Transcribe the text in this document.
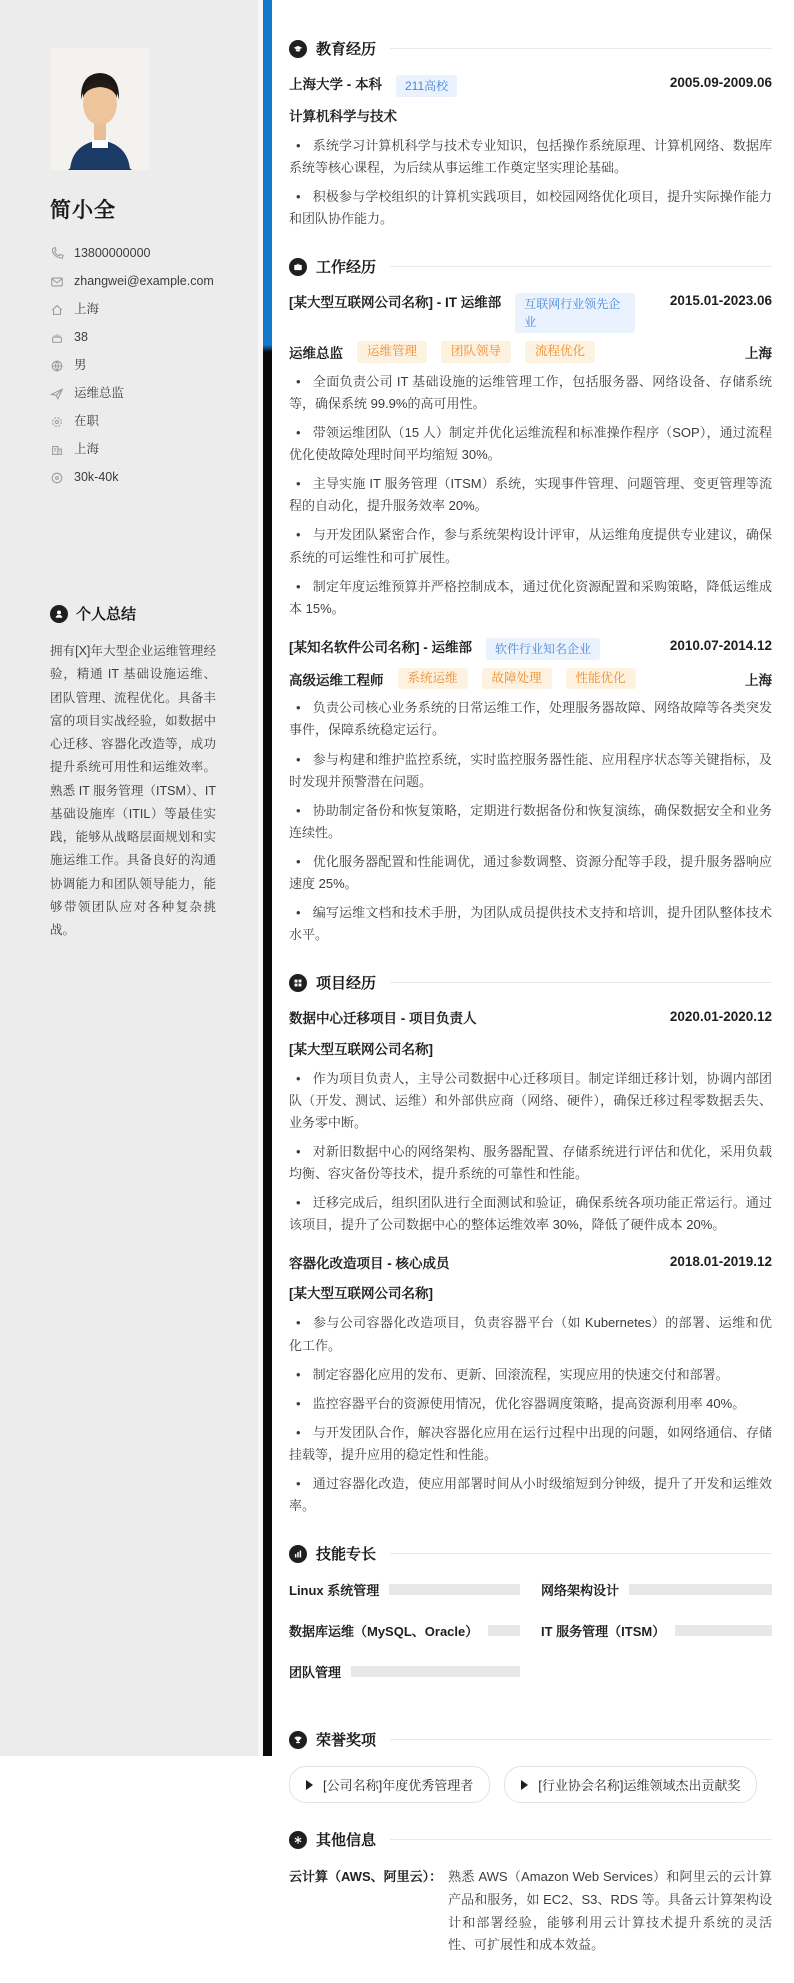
简小全
13800000000
zhangwei@example.com
上海
38
男
运维总监
在职
上海
30k-40k
个人总结

拥有[X]年大型企业运维管理经验，精通 IT 基础设施运维、团队管理、流程优化。具备丰富的项目实战经验，如数据中心迁移、容器化改造等，成功提升系统可用性和运维效率。熟悉 IT 服务管理（ITSM）、IT 基础设施库（ITIL）等最佳实践，能够从战略层面规划和实施运维工作。具备良好的沟通协调能力和团队领导能力，能够带领团队应对各种复杂挑战。

教育经历
上海大学 - 本科	211高校	2005.09-2009.06
计算机科学与技术
• 系统学习计算机科学与技术专业知识，包括操作系统原理、计算机网络、数据库系统等核心课程，为后续从事运维工作奠定坚实理论基础。
• 积极参与学校组织的计算机实践项目，如校园网络优化项目，提升实际操作能力和团队协作能力。
工作经历
[某大型互联网公司名称] - IT 运维部	互联网行业领先企业
2015.01-2023.06
运维总监	运维管理	团队领导	流程优化	上海
• 全面负责公司 IT 基础设施的运维管理工作，包括服务器、网络设备、存储系统等，确保系统 99.9%的高可用性。
• 带领运维团队（15 人）制定并优化运维流程和标准操作程序（SOP），通过流程优化使故障处理时间平均缩短 30%。
• 主导实施 IT 服务管理（ITSM）系统，实现事件管理、问题管理、变更管理等流程的自动化，提升服务效率 20%。
• 与开发团队紧密合作，参与系统架构设计评审，从运维角度提供专业建议，确保系统的可运维性和可扩展性。
• 制定年度运维预算并严格控制成本，通过优化资源配置和采购策略，降低运维成本 15%。
[某知名软件公司名称] - 运维部	软件行业知名企业	2010.07-2014.12
高级运维工程师	系统运维	故障处理	性能优化	上海
• 负责公司核心业务系统的日常运维工作，处理服务器故障、网络故障等各类突发事件，保障系统稳定运行。
• 参与构建和维护监控系统，实时监控服务器性能、应用程序状态等关键指标，及时发现并预警潜在问题。
• 协助制定备份和恢复策略，定期进行数据备份和恢复演练，确保数据安全和业务连续性。
• 优化服务器配置和性能调优，通过参数调整、资源分配等手段，提升服务器响应速度 25%。
• 编写运维文档和技术手册，为团队成员提供技术支持和培训，提升团队整体技术水平。
项目经历
数据中心迁移项目 - 项目负责人	2020.01-2020.12
[某大型互联网公司名称]
• 作为项目负责人，主导公司数据中心迁移项目。制定详细迁移计划，协调内部团队（开发、测试、运维）和外部供应商（网络、硬件），确保迁移过程零数据丢失、业务零中断。
• 对新旧数据中心的网络架构、服务器配置、存储系统进行评估和优化，采用负载均衡、容灾备份等技术，提升系统的可靠性和性能。
• 迁移完成后，组织团队进行全面测试和验证，确保系统各项功能正常运行。通过该项目，提升了公司数据中心的整体运维效率 30%，降低了硬件成本 20%。
容器化改造项目 - 核心成员	2018.01-2019.12
[某大型互联网公司名称]
• 参与公司容器化改造项目，负责容器平台（如 Kubernetes）的部署、运维和优化工作。
• 制定容器化应用的发布、更新、回滚流程，实现应用的快速交付和部署。
• 监控容器平台的资源使用情况，优化容器调度策略，提高资源利用率 40%。
• 与开发团队合作，解决容器化应用在运行过程中出现的问题，如网络通信、存储挂载等，提升应用的稳定性和性能。
• 通过容器化改造，使应用部署时间从小时级缩短到分钟级，提升了开发和运维效率。
技能专长
Linux 系统管理	网络架构设计
数据库运维（MySQL、Oracle）	IT 服务管理（ITSM）
团队管理
荣誉奖项
[公司名称]年度优秀管理者	[行业协会名称]运维领域杰出贡献奖
其他信息
云计算（AWS、阿里云）： 熟悉 AWS（Amazon Web Services）和阿里云的云计算产品和服务，如 EC2、S3、RDS 等。具备云计算架构设计和部署经验，能够利用云计算技术提升系统的灵活性、可扩展性和成本效益。
